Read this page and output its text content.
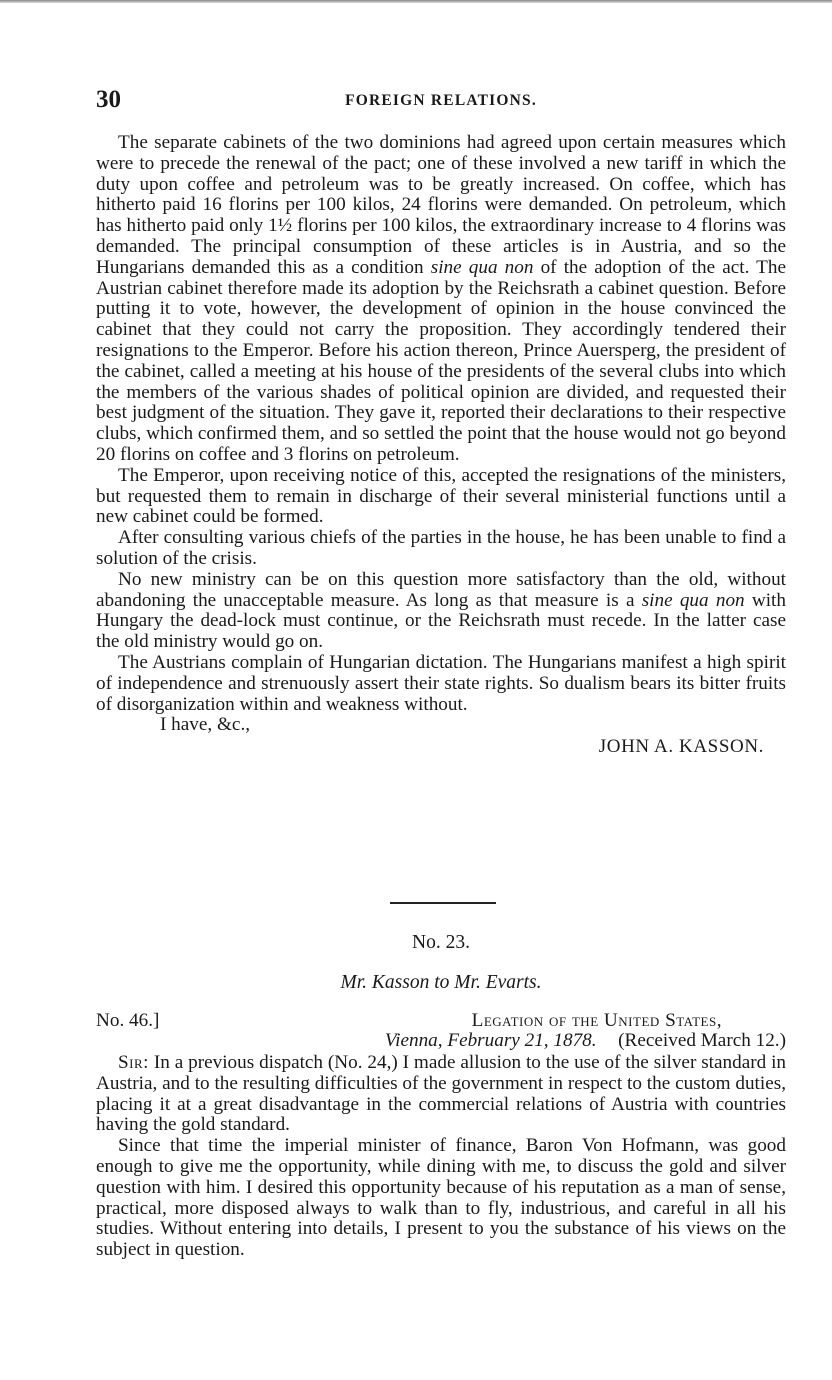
30	FOREIGN RELATIONS.

The separate cabinets of the two dominions had agreed upon certain measures which were to precede the renewal of the pact; one of these involved a new tariff in which the duty upon coffee and petroleum was to be greatly increased. On coffee, which has hitherto paid 16 florins per 100 kilos, 24 florins were demanded. On petroleum, which has hitherto paid only 1½ florins per 100 kilos, the extraordinary increase to 4 florins was demanded. The principal consumption of these articles is in Austria, and so the Hungarians demanded this as a condition sine qua non of the adoption of the act. The Austrian cabinet therefore made its adoption by the Reichsrath a cabinet question. Before putting it to vote, however, the development of opinion in the house convinced the cabinet that they could not carry the proposition. They accordingly tendered their resignations to the Emperor. Before his action thereon, Prince Auersperg, the president of the cabinet, called a meeting at his house of the presidents of the several clubs into which the members of the various shades of political opinion are divided, and requested their best judgment of the situation. They gave it, reported their declarations to their respective clubs, which confirmed them, and so settled the point that the house would not go beyond 20 florins on coffee and 3 florins on petroleum.

The Emperor, upon receiving notice of this, accepted the resignations of the ministers, but requested them to remain in discharge of their several ministerial functions until a new cabinet could be formed.

After consulting various chiefs of the parties in the house, he has been unable to find a solution of the crisis.

No new ministry can be on this question more satisfactory than the old, without abandoning the unacceptable measure. As long as that measure is a sine qua non with Hungary the dead-lock must continue, or the Reichsrath must recede. In the latter case the old ministry would go on.

The Austrians complain of Hungarian dictation. The Hungarians manifest a high spirit of independence and strenuously assert their state rights. So dualism bears its bitter fruits of disorganization within and weakness without.

I have, &c.,

JOHN A. KASSON.

No. 23.
Mr. Kasson to Mr. Evarts.
No. 46.]	Legation of the United States,
Vienna, February 21, 1878. (Received March 12.)

Sir: In a previous dispatch (No. 24,) I made allusion to the use of the silver standard in Austria, and to the resulting difficulties of the government in respect to the custom duties, placing it at a great disadvantage in the commercial relations of Austria with countries having the gold standard.

Since that time the imperial minister of finance, Baron Von Hofmann, was good enough to give me the opportunity, while dining with me, to discuss the gold and silver question with him. I desired this opportunity because of his reputation as a man of sense, practical, more disposed always to walk than to fly, industrious, and careful in all his studies. Without entering into details, I present to you the substance of his views on the subject in question.
